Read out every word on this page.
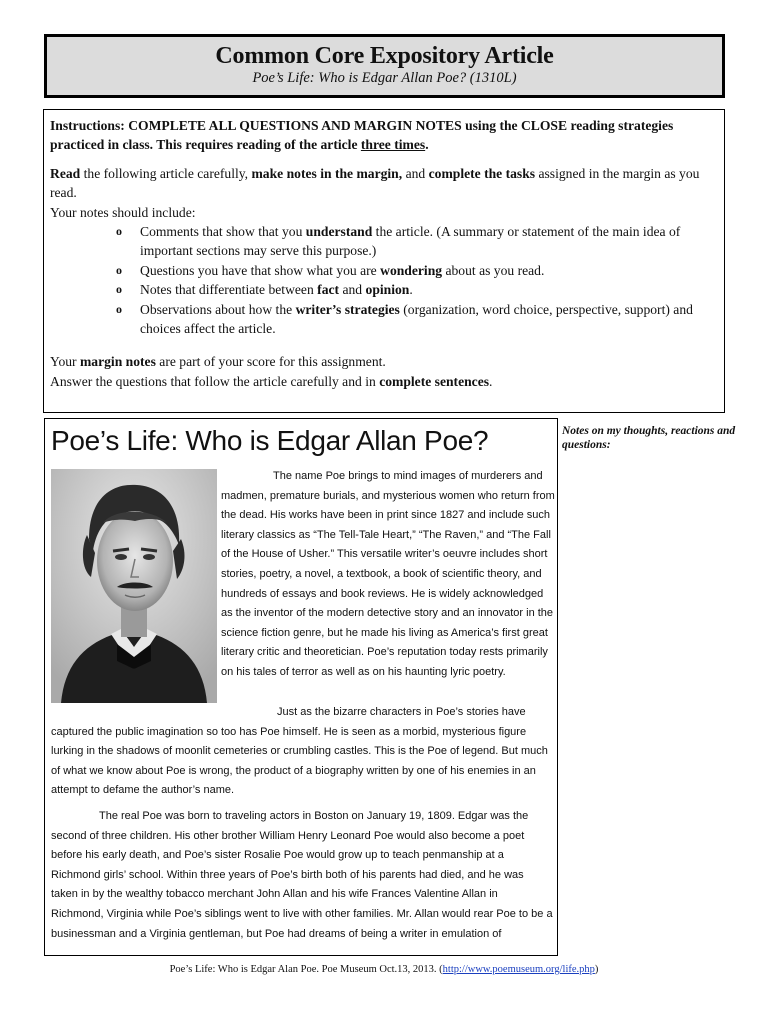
Common Core Expository Article
Poe’s Life: Who is Edgar Allan Poe? (1310L)

Instructions: COMPLETE ALL QUESTIONS AND MARGIN NOTES using the CLOSE reading strategies practiced in class. This requires reading of the article three times.

Read the following article carefully, make notes in the margin, and complete the tasks assigned in the margin as you read.

Your notes should include:

o Comments that show that you understand the article. (A summary or statement of the main idea of important sections may serve this purpose.)
o Questions you have that show what you are wondering about as you read.
o Notes that differentiate between fact and opinion.
o Observations about how the writer’s strategies (organization, word choice, perspective, support) and choices affect the article.

Your margin notes are part of your score for this assignment.

Answer the questions that follow the article carefully and in complete sentences.

Poe’s Life: Who is Edgar Allan Poe?
The name Poe brings to mind images of murderers and madmen, premature burials, and mysterious women who return from the dead. His works have been in print since 1827 and include such literary classics as “The Tell-Tale Heart,” “The Raven,” and “The Fall of the House of Usher.” This versatile writer’s oeuvre includes short stories, poetry, a novel, a textbook, a book of scientific theory, and hundreds of essays and book reviews. He is widely acknowledged as the inventor of the modern detective story and an innovator in the science fiction genre, but he made his living as America’s first great literary critic and theoretician. Poe’s reputation today rests primarily on his tales of terror as well as on his haunting lyric poetry.
Just as the bizarre characters in Poe’s stories have captured the public imagination so too has Poe himself. He is seen as a morbid, mysterious figure lurking in the shadows of moonlit cemeteries or crumbling castles. This is the Poe of legend. But much of what we know about Poe is wrong, the product of a biography written by one of his enemies in an attempt to defame the author’s name.
The real Poe was born to traveling actors in Boston on January 19, 1809. Edgar was the second of three children. His other brother William Henry Leonard Poe would also become a poet before his early death, and Poe’s sister Rosalie Poe would grow up to teach penmanship at a Richmond girls’ school. Within three years of Poe’s birth both of his parents had died, and he was taken in by the wealthy tobacco merchant John Allan and his wife Frances Valentine Allan in Richmond, Virginia while Poe’s siblings went to live with other families. Mr. Allan would rear Poe to be a businessman and a Virginia gentleman, but Poe had dreams of being a writer in emulation of
Notes on my thoughts, reactions and questions:
Poe’s Life: Who is Edgar Alan Poe. Poe Museum Oct.13, 2013. (http://www.poemuseum.org/life.php)
